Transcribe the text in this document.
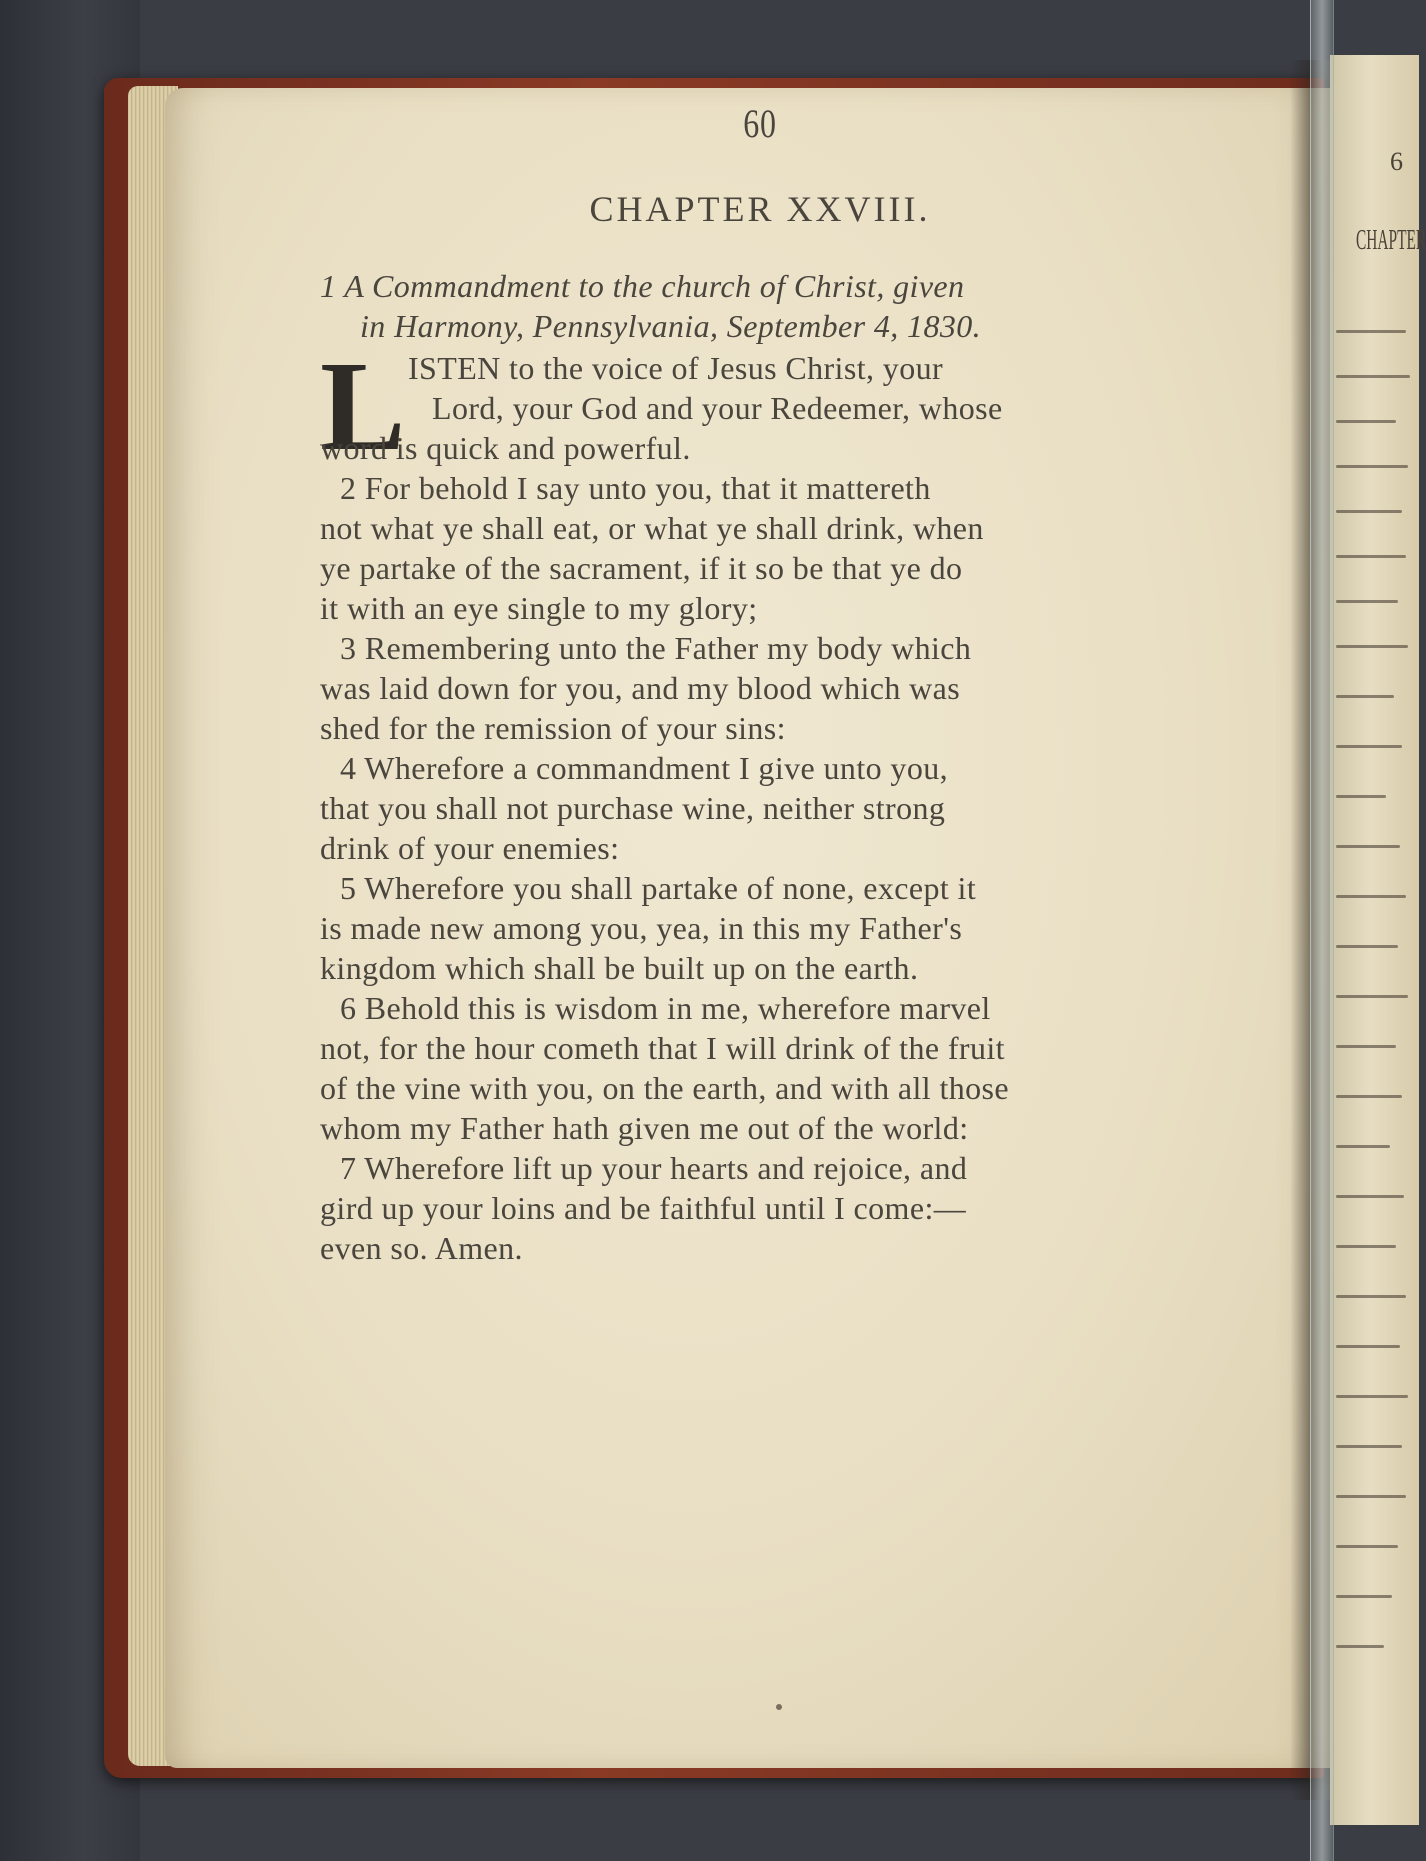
60
CHAPTER XXVIII.
1 A Commandment to the church of Christ, given
in Harmony, Pennsylvania, September 4, 1830.
L ISTEN to the voice of Jesus Christ, your
Lord, your God and your Redeemer, whose
word is quick and powerful.
2 For behold I say unto you, that it mattereth
not what ye shall eat, or what ye shall drink, when
ye partake of the sacrament, if it so be that ye do
it with an eye single to my glory;
3 Remembering unto the Father my body which
was laid down for you, and my blood which was
shed for the remission of your sins:
4 Wherefore a commandment I give unto you,
that you shall not purchase wine, neither strong
drink of your enemies:
5 Wherefore you shall partake of none, except it
is made new among you, yea, in this my Father's
kingdom which shall be built up on the earth.
6 Behold this is wisdom in me, wherefore marvel
not, for the hour cometh that I will drink of the fruit
of the vine with you, on the earth, and with all those
whom my Father hath given me out of the world:
7 Wherefore lift up your hearts and rejoice, and
gird up your loins and be faithful until I come:—
even so. Amen.
6
CHAPTER
